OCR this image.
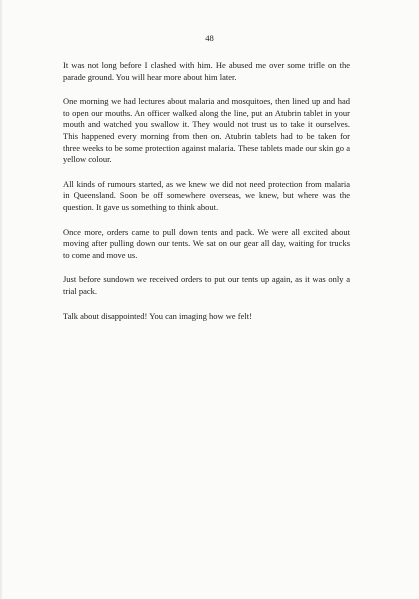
48

It was not long before I clashed with him. He abused me over some trifle on the parade ground. You will hear more about him later.

One morning we had lectures about malaria and mosquitoes, then lined up and had to open our mouths. An officer walked along the line, put an Atubrin tablet in your mouth and watched you swallow it. They would not trust us to take it ourselves. This happened every morning from then on. Atubrin tablets had to be taken for three weeks to be some protection against malaria. These tablets made our skin go a yellow colour.

All kinds of rumours started, as we knew we did not need protection from malaria in Queensland. Soon be off somewhere overseas, we knew, but where was the question. It gave us something to think about.

Once more, orders came to pull down tents and pack. We were all excited about moving after pulling down our tents. We sat on our gear all day, waiting for trucks to come and move us.

Just before sundown we received orders to put our tents up again, as it was only a trial pack.

Talk about disappointed! You can imaging how we felt!
